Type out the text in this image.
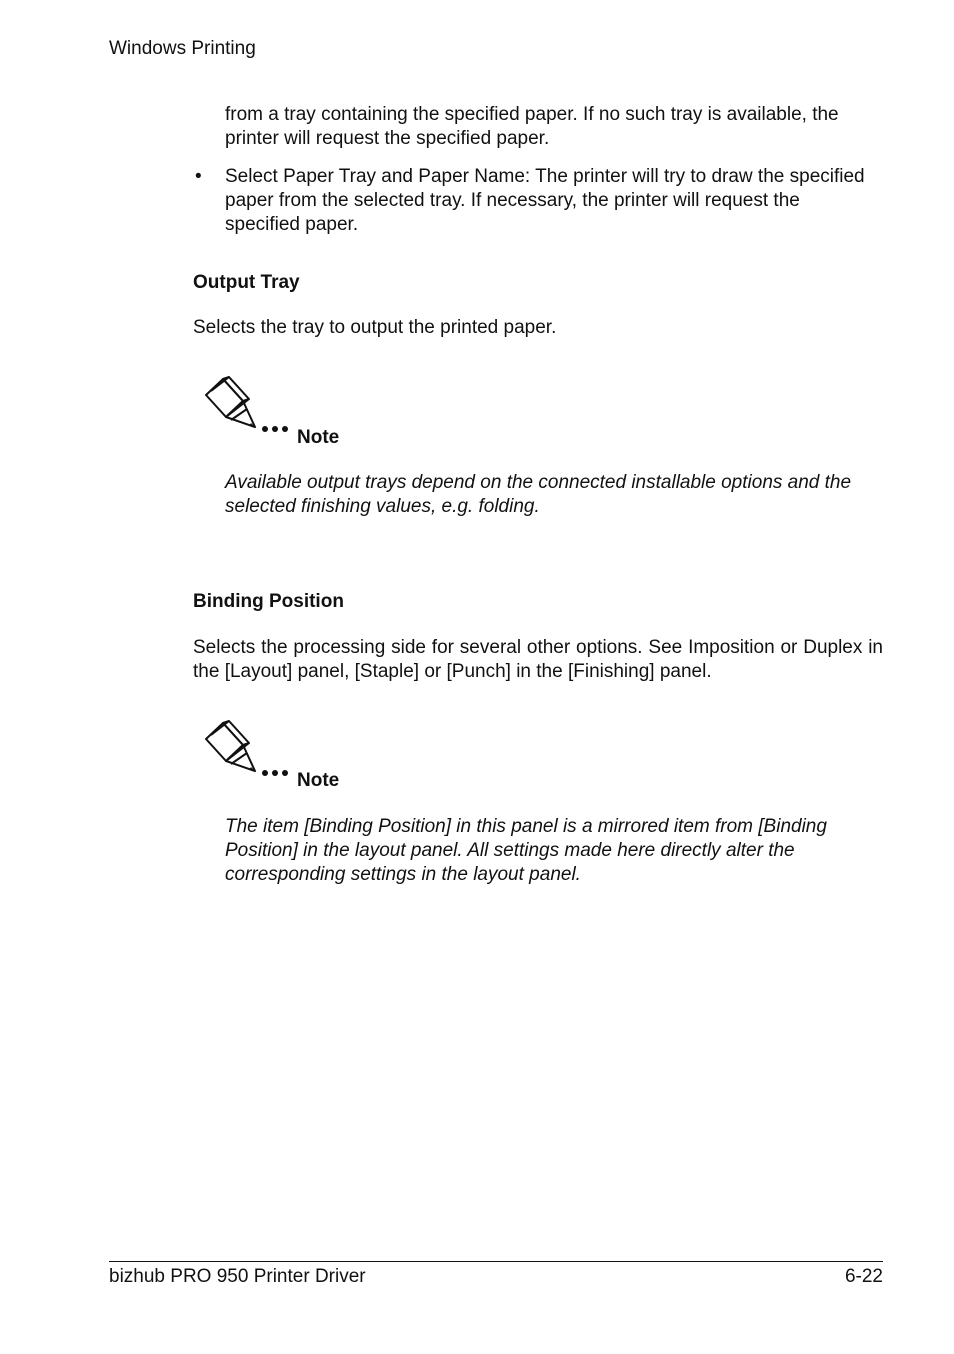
Windows Printing
from a tray containing the specified paper. If no such tray is available, the printer will request the specified paper.
• Select Paper Tray and Paper Name: The printer will try to draw the specified paper from the selected tray. If necessary, the printer will request the specified paper.
Output Tray
Selects the tray to output the printed paper.
Note
Available output trays depend on the connected installable options and the selected finishing values, e.g. folding.
Binding Position
Selects the processing side for several other options. See Imposition or Duplex in the [Layout] panel, [Staple] or [Punch] in the [Finishing] panel.
Note
The item [Binding Position] in this panel is a mirrored item from [Binding Position] in the layout panel. All settings made here directly alter the corresponding settings in the layout panel.
bizhub PRO 950 Printer Driver	6-22
